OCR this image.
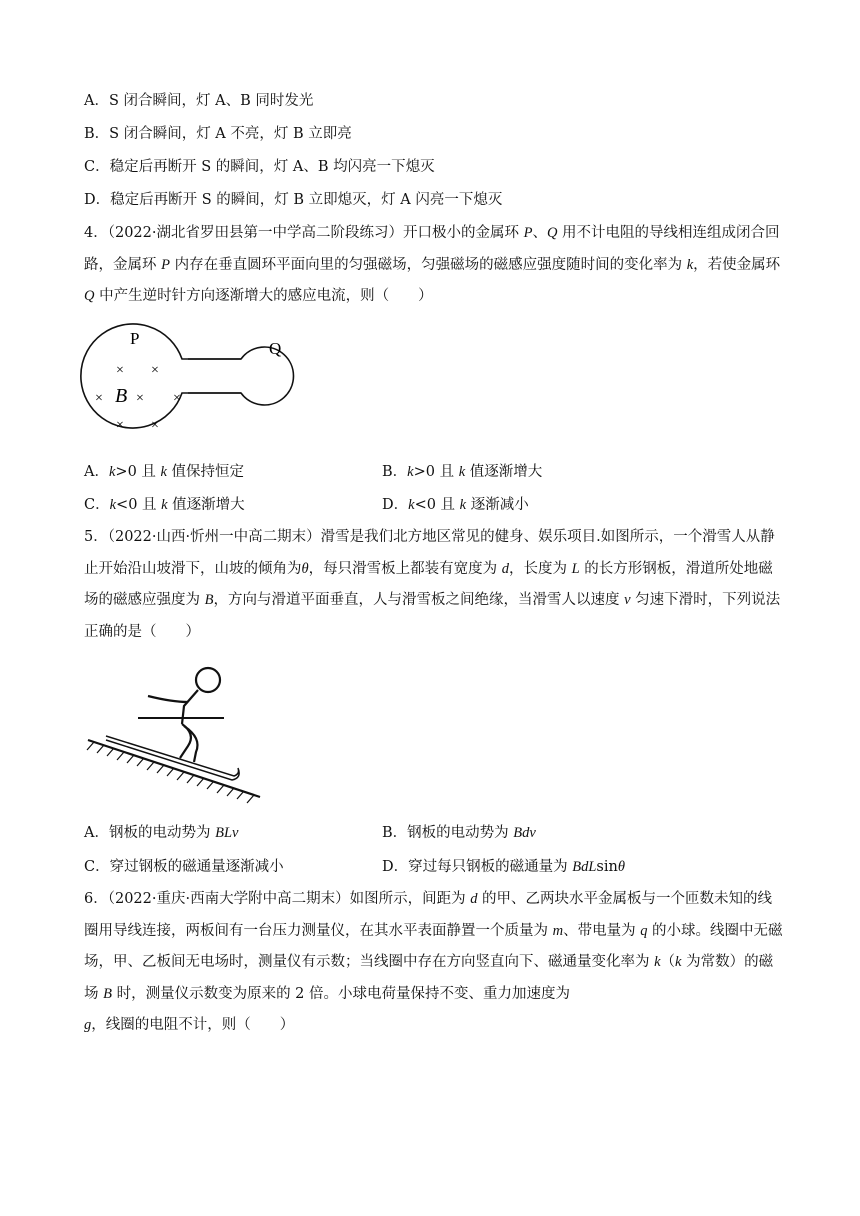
A．S 闭合瞬间，灯 A、B 同时发光
B．S 闭合瞬间，灯 A 不亮，灯 B 立即亮
C．稳定后再断开 S 的瞬间，灯 A、B 均闪亮一下熄灭
D．稳定后再断开 S 的瞬间，灯 B 立即熄灭，灯 A 闪亮一下熄灭
4．（2022·湖北省罗田县第一中学高二阶段练习）开口极小的金属环 P、Q 用不计电阻的导线相连组成闭合回路，金属环 P 内存在垂直圆环平面向里的匀强磁场，匀强磁场的磁感应强度随时间的变化率为 k，若使金属环 Q 中产生逆时针方向逐渐增大的感应电流，则（　　）
P
Q
B
× ×
× × ×
× ×
A．k>0 且 k 值保持恒定	B．k>0 且 k 值逐渐增大
C．k<0 且 k 值逐渐增大	D．k<0 且 k 逐渐减小
5．（2022·山西·忻州一中高二期末）滑雪是我们北方地区常见的健身、娱乐项目.如图所示，一个滑雪人从静止开始沿山坡滑下，山坡的倾角为θ，每只滑雪板上都装有宽度为 d，长度为 L 的长方形钢板，滑道所处地磁场的磁感应强度为 B，方向与滑道平面垂直，人与滑雪板之间绝缘，当滑雪人以速度 v 匀速下滑时，下列说法正确的是（　　）
A．钢板的电动势为 BLv	B．钢板的电动势为 Bdv
C．穿过钢板的磁通量逐渐减小	D．穿过每只钢板的磁通量为 BdLsinθ
6．（2022·重庆·西南大学附中高二期末）如图所示，间距为 d 的甲、乙两块水平金属板与一个匝数未知的线圈用导线连接，两板间有一台压力测量仪，在其水平表面静置一个质量为 m、带电量为 q 的小球。线圈中无磁场，甲、乙板间无电场时，测量仪有示数；当线圈中存在方向竖直向下、磁通量变化率为 k（k 为常数）的磁场 B 时，测量仪示数变为原来的 2 倍。小球电荷量保持不变、重力加速度为 g，线圈的电阻不计，则（　　）
